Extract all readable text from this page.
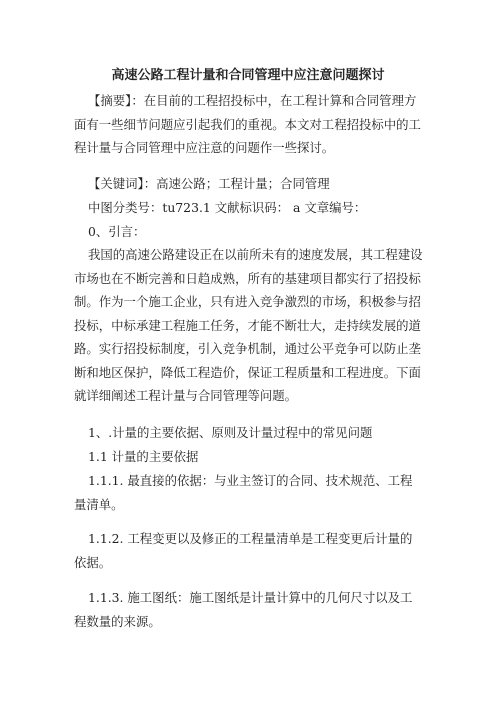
高速公路工程计量和合同管理中应注意问题探讨

【摘要】：在目前的工程招投标中，在工程计算和合同管理方面有一些细节问题应引起我们的重视。本文对工程招投标中的工程计量与合同管理中应注意的问题作一些探讨。

【关键词】：高速公路；工程计量；合同管理

中图分类号：tu723.1 文献标识码： a 文章编号：

0、引言：

我国的高速公路建设正在以前所未有的速度发展，其工程建设市场也在不断完善和日趋成熟，所有的基建项目都实行了招投标制。作为一个施工企业，只有进入竞争激烈的市场，积极参与招投标，中标承建工程施工任务，才能不断壮大，走持续发展的道路。实行招投标制度，引入竞争机制，通过公平竞争可以防止垄断和地区保护，降低工程造价，保证工程质量和工程进度。下面就详细阐述工程计量与合同管理等问题。

1、.计量的主要依据、原则及计量过程中的常见问题

1.1 计量的主要依据

1.1.1. 最直接的依据：与业主签订的合同、技术规范、工程量清单。

1.1.2. 工程变更以及修正的工程量清单是工程变更后计量的依据。

1.1.3. 施工图纸：施工图纸是计量计算中的几何尺寸以及工程数量的来源。
